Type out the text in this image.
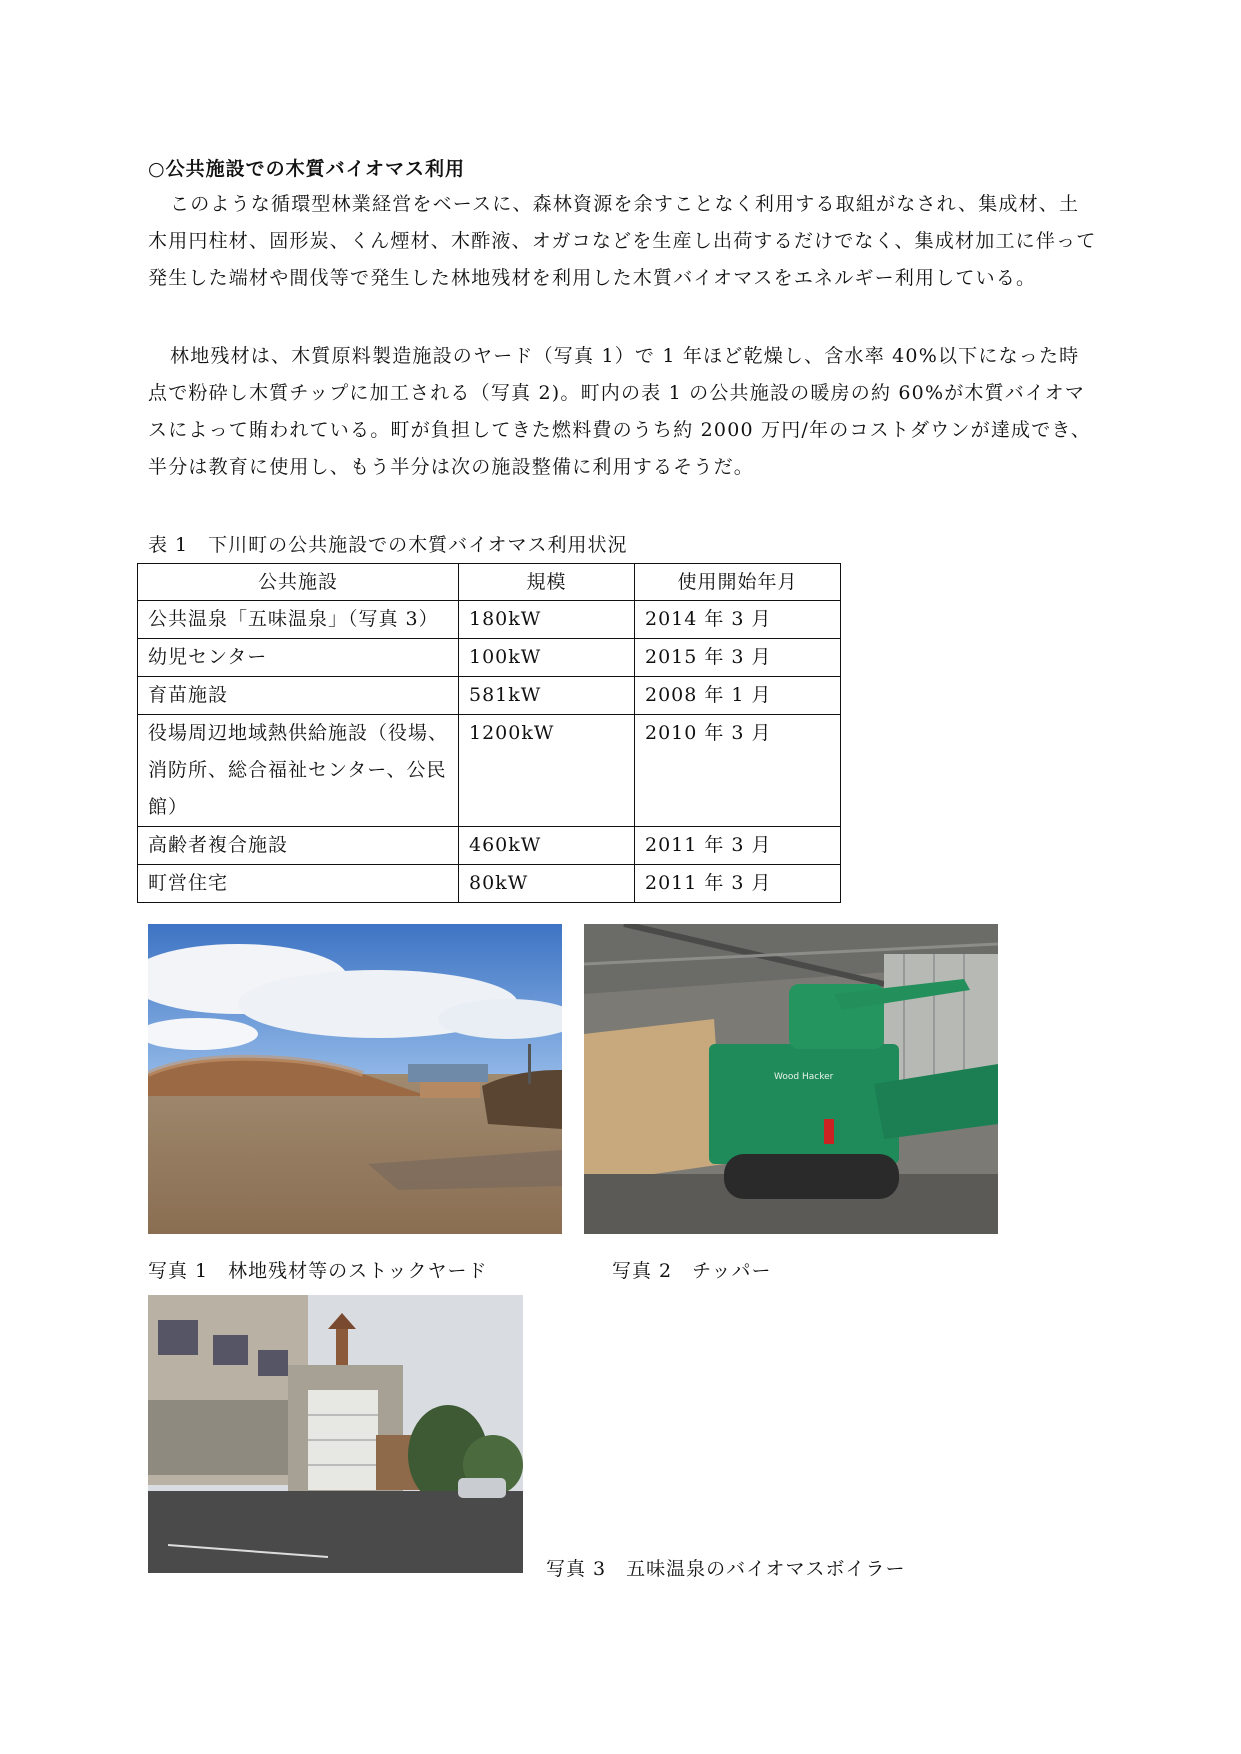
○公共施設での木質バイオマス利用

このような循環型林業経営をベースに、森林資源を余すことなく利用する取組がなされ、集成材、土木用円柱材、固形炭、くん煙材、木酢液、オガコなどを生産し出荷するだけでなく、集成材加工に伴って発生した端材や間伐等で発生した林地残材を利用した木質バイオマスをエネルギー利用している。

林地残材は、木質原料製造施設のヤード（写真 1）で 1 年ほど乾燥し、含水率 40%以下になった時点で粉砕し木質チップに加工される（写真 2)。町内の表 1 の公共施設の暖房の約 60%が木質バイオマスによって賄われている。町が負担してきた燃料費のうち約 2000 万円/年のコストダウンが達成でき、半分は教育に使用し、もう半分は次の施設整備に利用するそうだ。

表 1　下川町の公共施設での木質バイオマス利用状況
公共施設	規模	使用開始年月
公共温泉「五味温泉」（写真 3）	180kW	2014 年 3 月
幼児センター	100kW	2015 年 3 月
育苗施設	581kW	2008 年 1 月
役場周辺地域熱供給施設（役場、消防所、総合福祉センター、公民館）	1200kW	2010 年 3 月
高齢者複合施設	460kW	2011 年 3 月
町営住宅	80kW	2011 年 3 月
Wood Hacker
写真 1　林地残材等のストックヤード	写真 2　チッパー
写真 3　五味温泉のバイオマスボイラー
